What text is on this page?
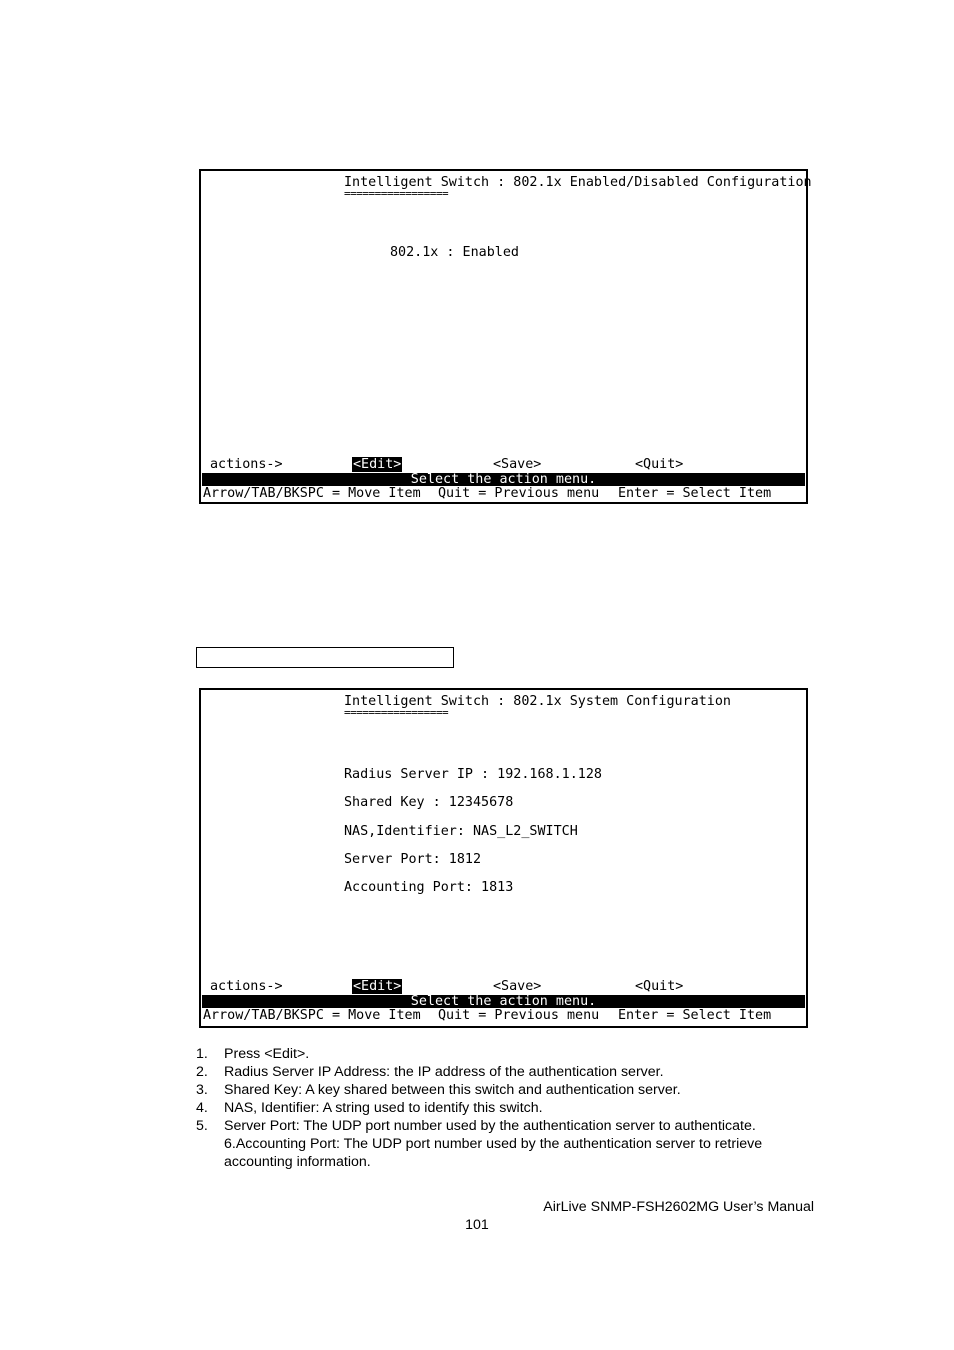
Intelligent Switch : 802.1x Enabled/Disabled Configuration
=================
802.1x : Enabled

actions->

	<Edit>

	<Save>

	<Quit>

Select the action menu.

Arrow/TAB/BKSPC = Move Item

Quit = Previous menu

Enter = Select Item

Intelligent Switch : 802.1x System Configuration
=================
Radius Server IP : 192.168.1.128
Shared Key : 12345678
NAS,Identifier: NAS_L2_SWITCH
Server Port: 1812
Accounting Port: 1813

actions->

	<Edit>

	<Save>

	<Quit>

Select the action menu.

Arrow/TAB/BKSPC = Move Item

Quit = Previous menu

Enter = Select Item

1. Press <Edit>.
2. Radius Server IP Address: the IP address of the authentication server.
3. Shared Key: A key shared between this switch and authentication server.
4. NAS, Identifier: A string used to identify this switch.
5. Server Port: The UDP port number used by the authentication server to authenticate. 6.Accounting Port: The UDP port number used by the authentication server to retrieve accounting information.
AirLive SNMP-FSH2602MG User’s Manual
101
